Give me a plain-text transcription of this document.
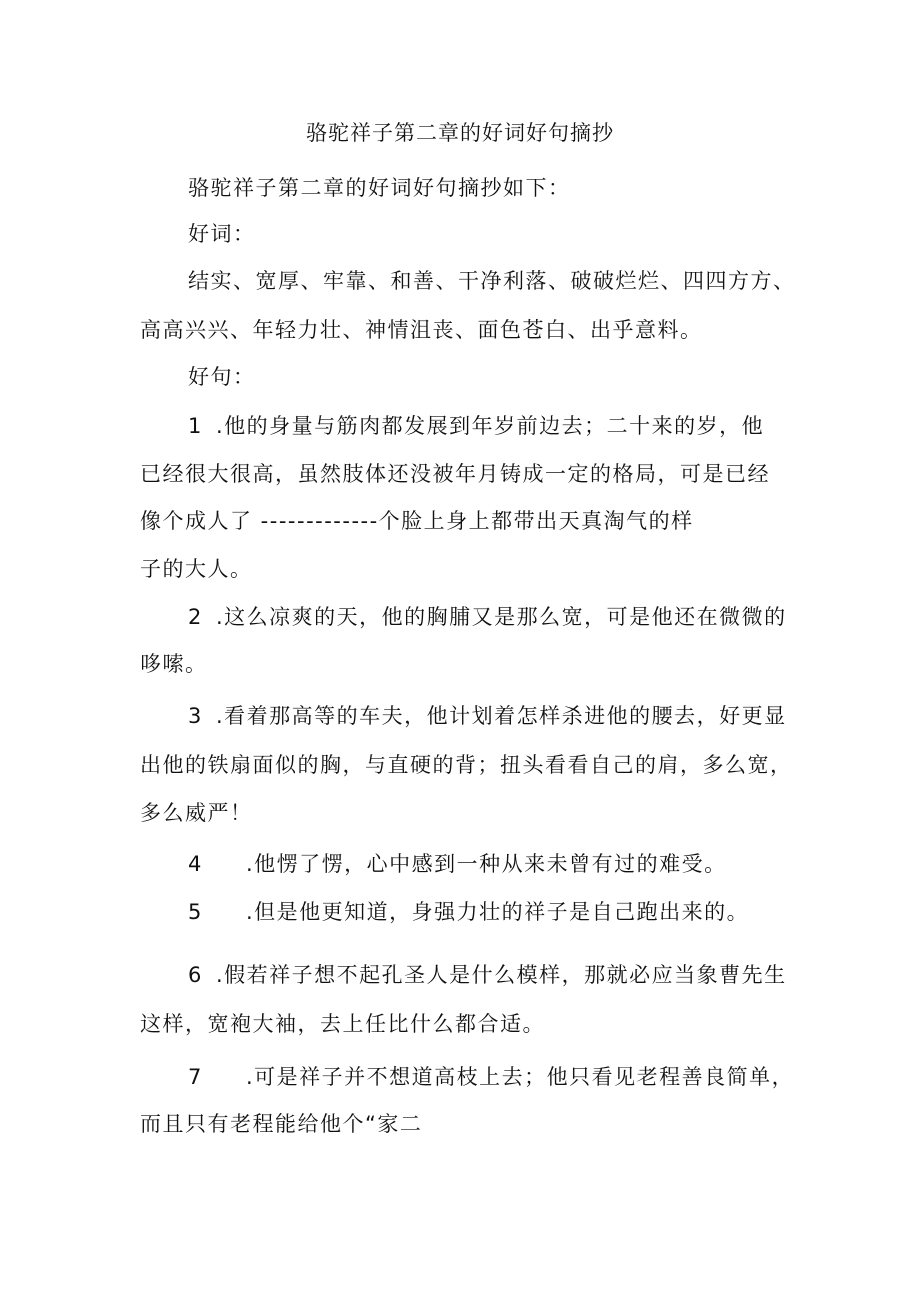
骆驼祥子第二章的好词好句摘抄
骆驼祥子第二章的好词好句摘抄如下：
好词：
结实、宽厚、牢靠、和善、干净利落、破破烂烂、四四方方、
高高兴兴、年轻力壮、神情沮丧、面色苍白、出乎意料。
好句：
1 .他的身量与筋肉都发展到年岁前边去；二十来的岁，他
已经很大很高，虽然肢体还没被年月铸成一定的格局，可是已经
像个成人了 -------------个脸上身上都带出天真淘气的样
子的大人。
2 .这么凉爽的天，他的胸脯又是那么宽，可是他还在微微的
哆嗦。
3 .看着那高等的车夫，他计划着怎样杀进他的腰去，好更显
出他的铁扇面似的胸，与直硬的背；扭头看看自己的肩，多么宽，
多么威严！
4 .他愣了愣，心中感到一种从来未曾有过的难受。
5 .但是他更知道，身强力壮的祥子是自己跑出来的。
6 .假若祥子想不起孔圣人是什么模样，那就必应当象曹先生
这样，宽袍大袖，去上任比什么都合适。
7 .可是祥子并不想道高枝上去；他只看见老程善良简单，
而且只有老程能给他个“家二
